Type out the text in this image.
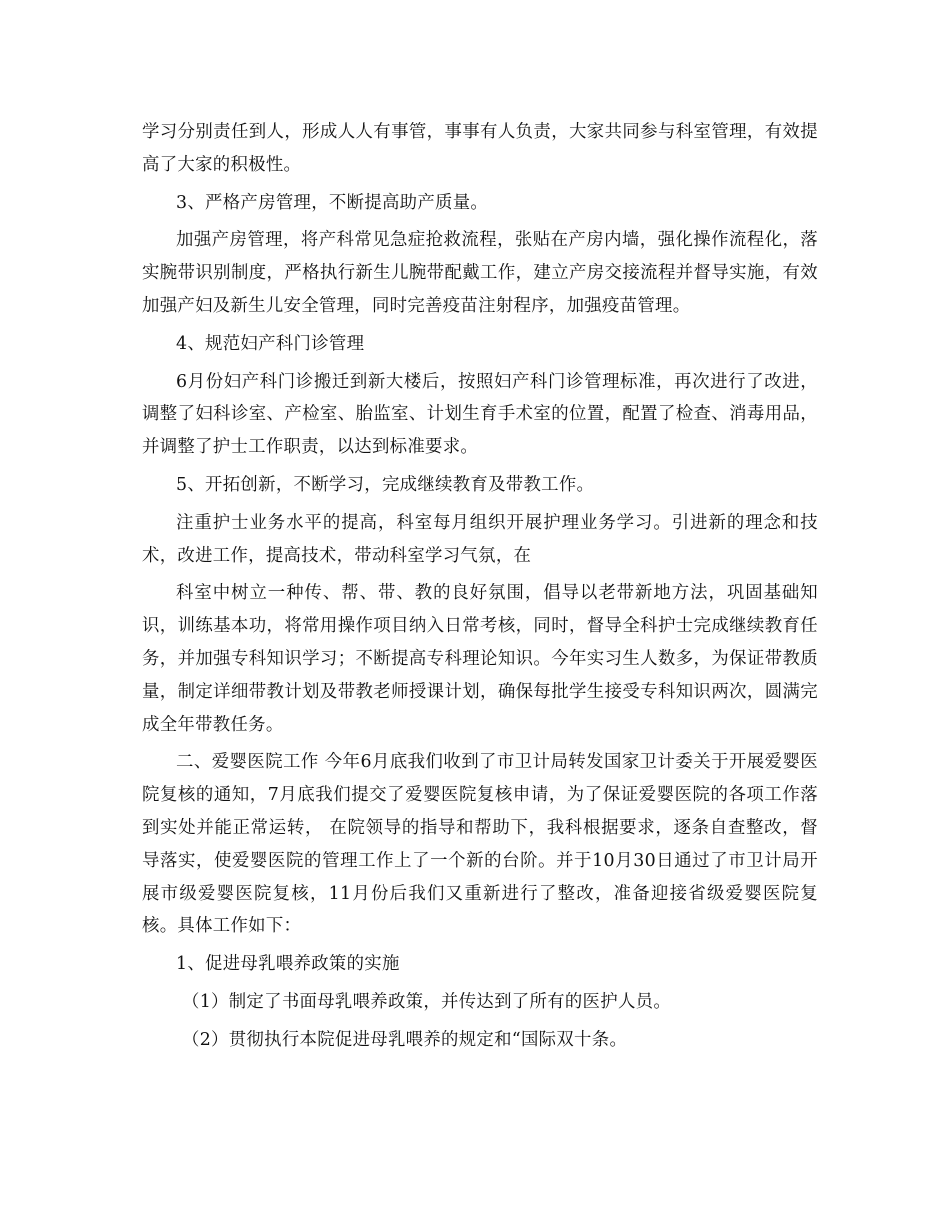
学习分别责任到人，形成人人有事管，事事有人负责，大家共同参与科室管理，有效提高了大家的积极性。

3、严格产房管理，不断提高助产质量。

加强产房管理，将产科常见急症抢救流程，张贴在产房内墙，强化操作流程化，落实腕带识别制度，严格执行新生儿腕带配戴工作，建立产房交接流程并督导实施，有效加强产妇及新生儿安全管理，同时完善疫苗注射程序，加强疫苗管理。

4、规范妇产科门诊管理

6月份妇产科门诊搬迁到新大楼后，按照妇产科门诊管理标准，再次进行了改进，调整了妇科诊室、产检室、胎监室、计划生育手术室的位置，配置了检查、消毒用品，并调整了护士工作职责，以达到标准要求。

5、开拓创新，不断学习，完成继续教育及带教工作。

注重护士业务水平的提高，科室每月组织开展护理业务学习。引进新的理念和技术，改进工作，提高技术，带动科室学习气氛，在

科室中树立一种传、帮、带、教的良好氛围，倡导以老带新地方法，巩固基础知识，训练基本功，将常用操作项目纳入日常考核，同时，督导全科护士完成继续教育任务，并加强专科知识学习；不断提高专科理论知识。今年实习生人数多，为保证带教质量，制定详细带教计划及带教老师授课计划，确保每批学生接受专科知识两次，圆满完成全年带教任务。

二、爱婴医院工作 今年6月底我们收到了市卫计局转发国家卫计委关于开展爱婴医院复核的通知，7月底我们提交了爱婴医院复核申请，为了保证爱婴医院的各项工作落到实处并能正常运转， 在院领导的指导和帮助下，我科根据要求，逐条自查整改，督导落实，使爱婴医院的管理工作上了一个新的台阶。并于10月30日通过了市卫计局开展市级爱婴医院复核，11月份后我们又重新进行了整改，准备迎接省级爱婴医院复核。具体工作如下：

1、促进母乳喂养政策的实施

（1）制定了书面母乳喂养政策，并传达到了所有的医护人员。

（2）贯彻执行本院促进母乳喂养的规定和“国际双十条。
